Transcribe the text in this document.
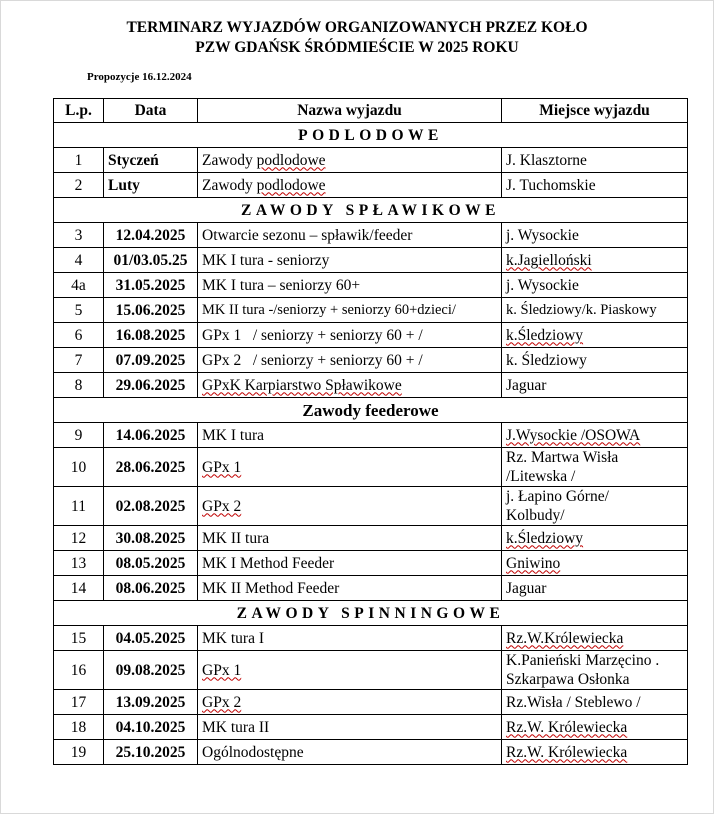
TERMINARZ WYJAZDÓW ORGANIZOWANYCH PRZEZ KOŁO
PZW GDAŃSK ŚRÓDMIEŚCIE W 2025 ROKU
Propozycje 16.12.2024
L.p.	Data	Nazwa wyjazdu	Miejsce wyjazdu
PODLODOWE			
1	Styczeń	Zawody podlodowe	J. Klasztorne
2	Luty	Zawody podlodowe	J. Tuchomskie
ZAWODY SPŁAWIKOWE			
3	12.04.2025	Otwarcie sezonu – spławik/feeder	j. Wysockie
4	01/03.05.25	MK I tura - seniorzy	k.Jagielloński
4a	31.05.2025	MK I tura – seniorzy 60+	j. Wysockie
5	15.06.2025	MK II tura -/seniorzy + seniorzy 60+dzieci/	k. Śledziowy/k. Piaskowy
6	16.08.2025	GPx 1   / seniorzy + seniorzy 60 + /	k.Śledziowy
7	07.09.2025	GPx 2   / seniorzy + seniorzy 60 + /	k. Śledziowy
8	29.06.2025	GPxK Karpiarstwo Spławikowe	Jaguar
Zawody feederowe			
9	14.06.2025	MK I tura	J.Wysockie /OSOWA
10	28.06.2025	GPx 1	Rz. Martwa Wisła
/Litewska /

11	02.08.2025	GPx 2	j. Łapino Górne/
Kolbudy/

12	30.08.2025	MK II tura	k.Śledziowy
13	08.05.2025	MK I Method Feeder	Gniwino
14	08.06.2025	MK II Method Feeder	Jaguar
ZAWODY SPINNINGOWE			
15	04.05.2025	MK tura I	Rz.W.Królewiecka
16	09.08.2025	GPx 1	K.Panieński Marzęcino .
Szkarpawa Osłonka

17	13.09.2025	GPx 2	Rz.Wisła / Steblewo /
18	04.10.2025	MK tura II	Rz.W. Królewiecka
19	25.10.2025	Ogólnodostępne	Rz.W. Królewiecka
